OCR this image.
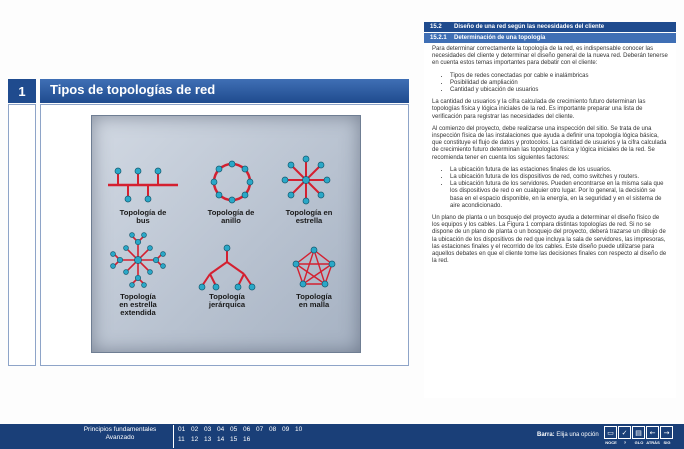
1	Tipos de topologías de red
Topología de
bus
Topología de
anillo
Topología en
estrella
Topología
en estrella
extendida
Topología
jerárquica
Topología
en malla
15.2	Diseño de una red según las necesidades del cliente
15.2.1	Determinación de una topología

Para determinar correctamente la topología de la red, es indispensable conocer las necesidades del cliente y determinar el diseño general de la nueva red. Deberán tenerse en cuenta estos temas importantes para debatir con el cliente:

• Tipos de redes conectadas por cable e inalámbricas
• Posibilidad de ampliación
• Cantidad y ubicación de usuarios

La cantidad de usuarios y la cifra calculada de crecimiento futuro determinan las topologías física y lógica iniciales de la red. Es importante preparar una lista de verificación para registrar las necesidades del cliente.

Al comienzo del proyecto, debe realizarse una inspección del sitio. Se trata de una inspección física de las instalaciones que ayuda a definir una topología lógica básica, que constituye el flujo de datos y protocolos. La cantidad de usuarios y la cifra calculada de crecimiento futuro determinan las topologías física y lógica iniciales de la red. Se recomienda tener en cuenta los siguientes factores:

• La ubicación futura de las estaciones finales de los usuarios.
• La ubicación futura de los dispositivos de red, como switches y routers.
• La ubicación futura de los servidores. Pueden encontrarse en la misma sala que los dispositivos de red o en cualquier otro lugar. Por lo general, la decisión se basa en el espacio disponible, en la energía, en la seguridad y en el sistema de aire acondicionado.

Un plano de planta o un bosquejo del proyecto ayuda a determinar el diseño físico de los equipos y los cables. La Figura 1 compara distintas topologías de red. Si no se dispone de un plano de planta o un bosquejo del proyecto, deberá trazarse un dibujo de la ubicación de los dispositivos de red que incluya la sala de servidores, las impresoras, las estaciones finales y el recorrido de los cables. Este diseño puede utilizarse para aquellos debates en que el cliente tome las decisiones finales con respecto al diseño de la red.

Principios fundamentales
Avanzado
01 02 03 04 05 06 07 08 09 10
11 12 13 14 15 16
Barra: Elija una opción	▭	✓	▤	←	→
NOCE	?	GLO ATRÁS SIG
